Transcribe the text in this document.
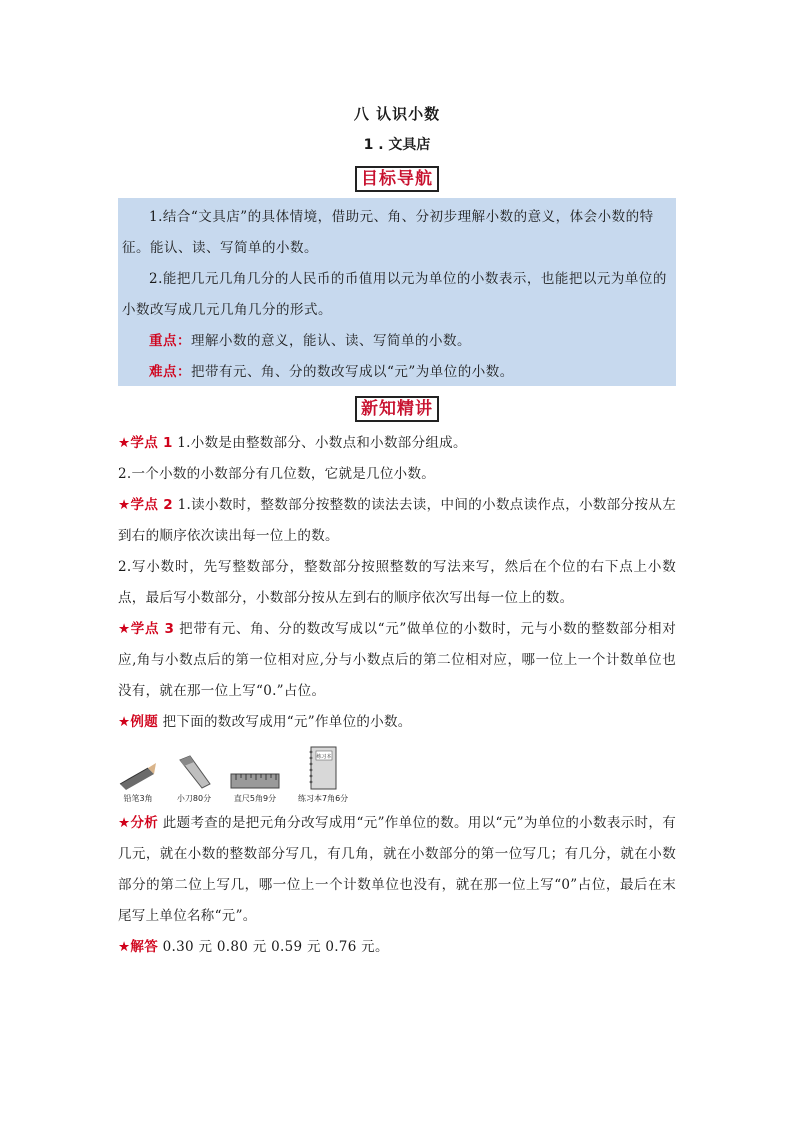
八 认识小数
1 . 文具店
目标导航

1.结合“文具店”的具体情境，借助元、角、分初步理解小数的意义，体会小数的特征。能认、读、写简单的小数。

2.能把几元几角几分的人民币的币值用以元为单位的小数表示，也能把以元为单位的小数改写成几元几角几分的形式。

重点：理解小数的意义，能认、读、写简单的小数。

难点：把带有元、角、分的数改写成以“元”为单位的小数。

新知精讲

★学点 1 1.小数是由整数部分、小数点和小数部分组成。

2.一个小数的小数部分有几位数，它就是几位小数。

★学点 2 1.读小数时，整数部分按整数的读法去读，中间的小数点读作点，小数部分按从左到右的顺序依次读出每一位上的数。

2.写小数时，先写整数部分，整数部分按照整数的写法来写，然后在个位的右下点上小数点，最后写小数部分，小数部分按从左到右的顺序依次写出每一位上的数。

★学点 3 把带有元、角、分的数改写成以“元”做单位的小数时，元与小数的整数部分相对应,角与小数点后的第一位相对应,分与小数点后的第二位相对应，哪一位上一个计数单位也没有，就在那一位上写“0.”占位。

★例题 把下面的数改写成用“元”作单位的小数。

铅笔3角	小刀80分	直尺5角9分
练习本
练习本7角6分

★分析 此题考查的是把元角分改写成用“元”作单位的数。用以“元”为单位的小数表示时，有几元，就在小数的整数部分写几，有几角，就在小数部分的第一位写几；有几分，就在小数部分的第二位上写几，哪一位上一个计数单位也没有，就在那一位上写“0”占位，最后在末尾写上单位名称“元”。

★解答 0.30 元 0.80 元 0.59 元 0.76 元。
